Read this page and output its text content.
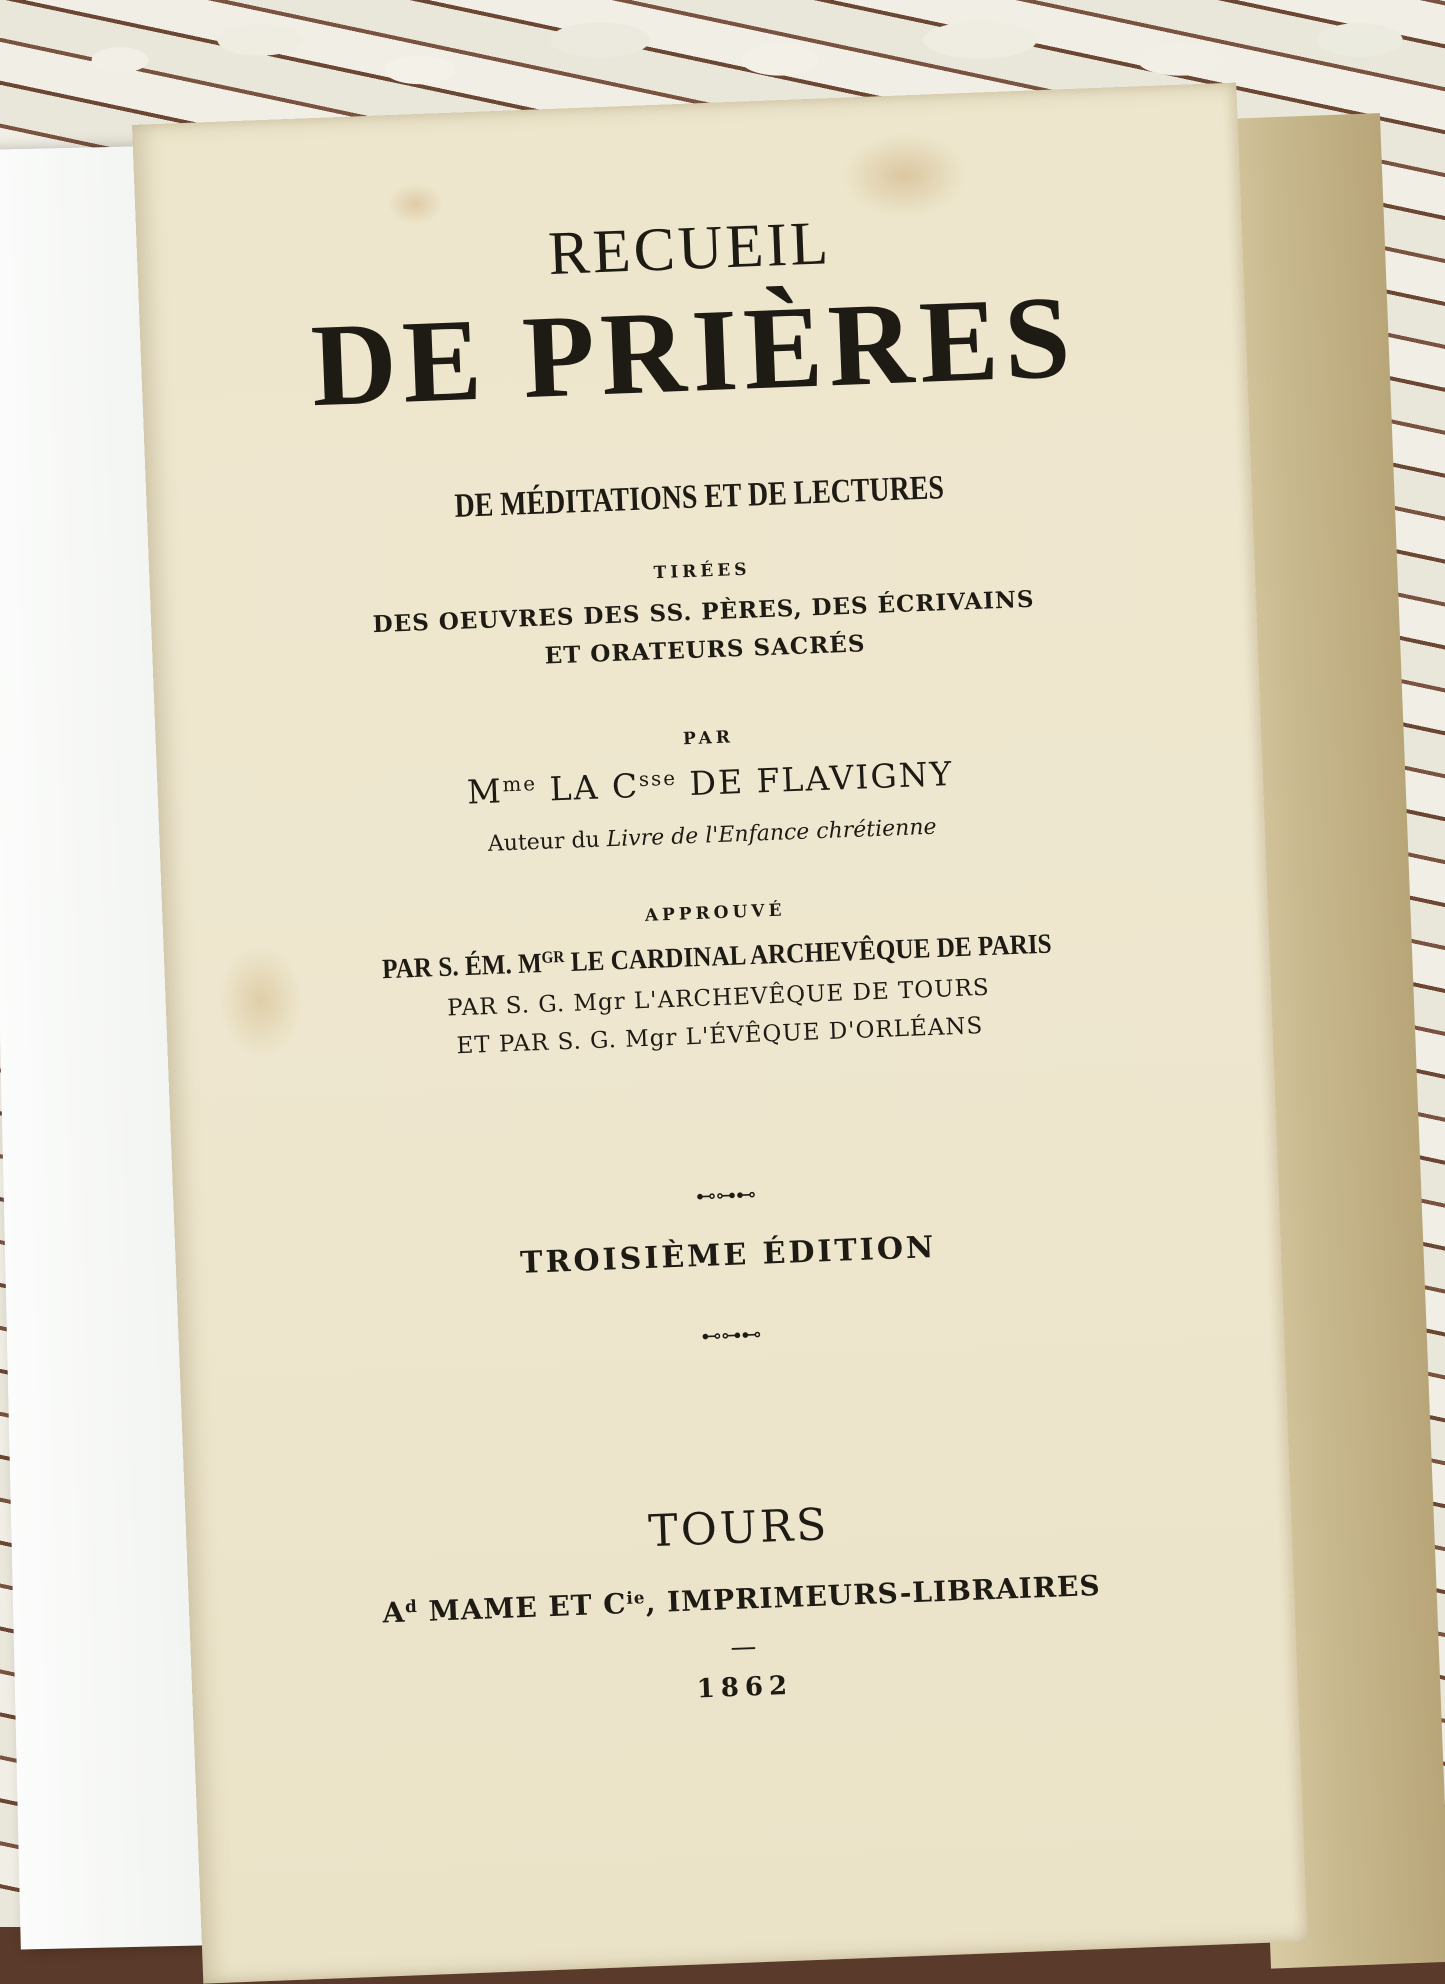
RECUEIL
DE PRIÈRES
DE MÉDITATIONS ET DE LECTURES
TIRÉES
DES OEUVRES DES SS. PÈRES, DES ÉCRIVAINS
ET ORATEURS SACRÉS
PAR
$M^{me}$ LA $C^{sse}$ DE FLAVIGNY
Auteur du Livre de l'Enfance chrétienne
APPROUVÉ
PAR S. ÉM. $M^{GR}$ LE CARDINAL ARCHEVÊQUE DE PARIS
PAR S. G. Mgr L'ARCHEVÊQUE DE TOURS
ET PAR S. G. Mgr L'ÉVÊQUE D'ORLÉANS
⊷⊶⊷
TROISIÈME ÉDITION
⊷⊶⊷
TOURS
$A^d$ MAME ET $C^{ie}$, IMPRIMEURS-LIBRAIRES
—
1862
